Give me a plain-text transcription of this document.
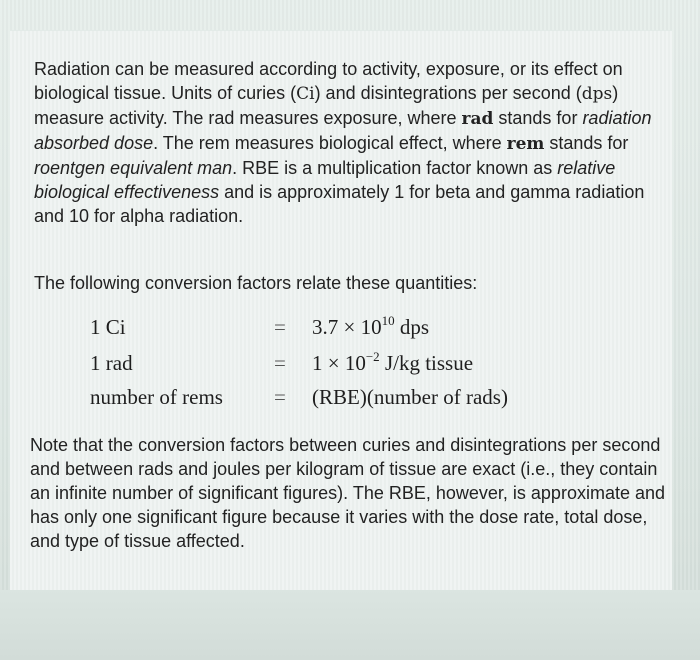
Radiation can be measured according to activity, exposure, or its effect on biological tissue. Units of curies (Ci) and disintegrations per second (dps) measure activity. The rad measures exposure, where rad stands for radiation absorbed dose. The rem measures biological effect, where rem stands for roentgen equivalent man. RBE is a multiplication factor known as relative biological effectiveness and is approximately 1 for beta and gamma radiation and 10 for alpha radiation.

The following conversion factors relate these quantities:

1 Ci	= $3.7 \times 10^{10}$ dps
1 rad	= $1 \times 10^{-2}$ J/kg tissue
number of rems = (RBE)(number of rads)

Note that the conversion factors between curies and disintegrations per second and between rads and joules per kilogram of tissue are exact (i.e., they contain an infinite number of significant figures). The RBE, however, is approximate and has only one significant figure because it varies with the dose rate, total dose, and type of tissue affected.
